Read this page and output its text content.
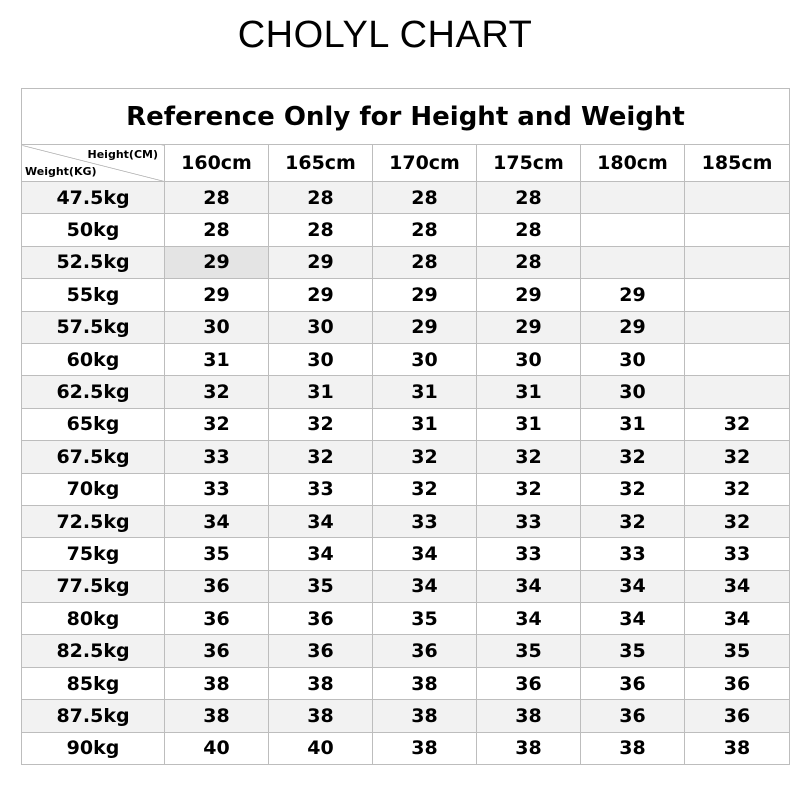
CHOLYL CHART
Reference Only for Height and Weight						

Height(CM)
Weight(KG)	160cm	165cm	170cm	175cm	180cm	185cm
47.5kg	28	28	28	28		
50kg	28	28	28	28		
52.5kg	29	29	28	28		
55kg	29	29	29	29	29	
57.5kg	30	30	29	29	29	
60kg	31	30	30	30	30	
62.5kg	32	31	31	31	30	
65kg	32	32	31	31	31	32
67.5kg	33	32	32	32	32	32
70kg	33	33	32	32	32	32
72.5kg	34	34	33	33	32	32
75kg	35	34	34	33	33	33
77.5kg	36	35	34	34	34	34
80kg	36	36	35	34	34	34
82.5kg	36	36	36	35	35	35
85kg	38	38	38	36	36	36
87.5kg	38	38	38	38	36	36
90kg	40	40	38	38	38	38
